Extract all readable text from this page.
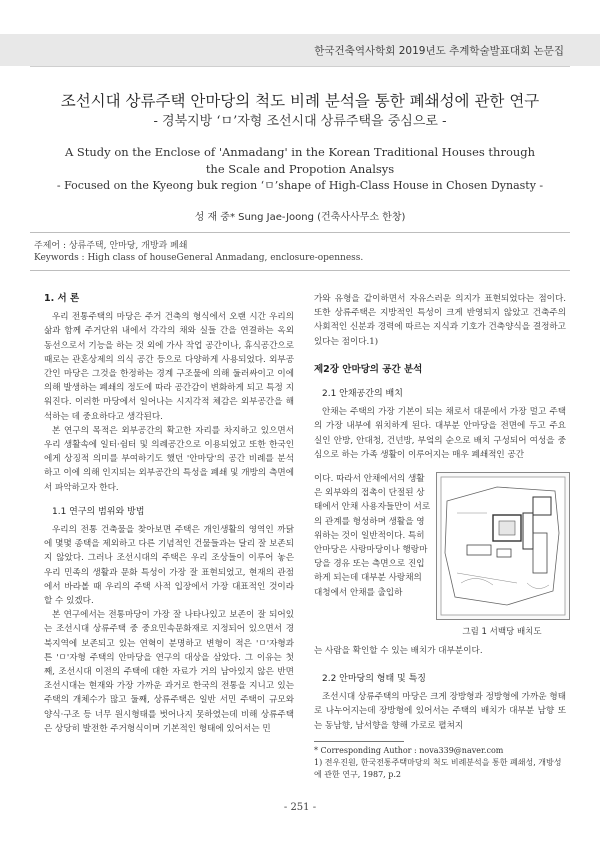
한국건축역사학회 2019년도 추계학술발표대회 논문집
조선시대 상류주택 안마당의 척도 비례 분석을 통한 폐쇄성에 관한 연구
- 경북지방 ‘ㅁ’자형 조선시대 상류주택을 중심으로 -
A Study on the Enclose of 'Anmadang' in the Korean Traditional Houses through the Scale and Propotion Analsys
- Focused on the Kyeong buk region ‘ㅁ’shape of High-Class House in Chosen Dynasty -
성 재 중* Sung Jae-Joong (건축사사무소 한창)
주제어 : 상류주택, 안마당, 개방과 폐쇄
Keywords : High class of houseGeneral Anmadang, enclosure-openness.
1. 서 론

우리 전통주택의 마당은 주거 건축의 형식에서 오랜 시간 우리의 삶과 함께 주거단위 내에서 각각의 채와 실들 간을 연결하는 옥외 동선으로서 기능을 하는 것 외에 가사 작업 공간이나, 휴식공간으로 때로는 관혼상제의 의식 공간 등으로 다양하게 사용되었다. 외부공간인 마당은 그것을 한정하는 경계 구조물에 의해 둘러싸이고 이에 의해 발생하는 폐쇄의 정도에 따라 공간감이 변화하게 되고 특정 지워진다. 이러한 마당에서 일어나는 시지각적 체감은 외부공간을 해석하는 데 중요하다고 생각된다.

본 연구의 목적은 외부공간의 확고한 자리를 차지하고 있으면서 우리 생활속에 일터·쉼터 및 의례공간으로 이용되었고 또한 한국인에게 상징적 의미를 부여하기도 했던 '안마당'의 공간 비례를 분석하고 이에 의해 인지되는 외부공간의 특성을 폐쇄 및 개방의 측면에서 파악하고자 한다.

1.1 연구의 범위와 방법

우리의 전통 건축물을 찾아보면 주택은 개인생활의 영역인 까닭에 몇몇 종택을 제외하고 다른 기념적인 건물들과는 달리 잘 보존되지 않았다. 그러나 조선시대의 주택은 우리 조상들이 이루어 놓은 우리 민족의 생활과 문화 특성이 가장 잘 표현되었고, 현재의 관점에서 바라볼 때 우리의 주택 사적 입장에서 가장 대표적인 것이라 할 수 있겠다.

본 연구에서는 전통마당이 가장 잘 나타나있고 보존이 잘 되어있는 조선시대 상류주택 중 중요민속문화재로 지정되어 있으면서 경북지역에 보존되고 있는 연혁이 분명하고 변형이 적은 'ㅁ'자형과 튼 'ㅁ'자형 주택의 안마당을 연구의 대상을 삼았다. 그 이유는 첫째, 조선시대 이전의 주택에 대한 자료가 거의 남아있지 않은 반면 조선시대는 현재와 가장 가까운 과거로 한국의 전통을 지니고 있는 주택의 개체수가 많고 둘째, 상류주택은 일반 서민 주택이 규모와 양식·구조 등 너무 원시형태를 벗어나지 못하였는데 비해 상류주택은 상당히 발전한 주거형식이며 기본적인 형태에 있어서는 민

가와 유형을 같이하면서 자유스러운 의지가 표현되었다는 점이다. 또한 상류주택은 지방적인 특성이 크게 반영되지 않았고 건축주의 사회적인 신분과 경력에 따르는 지식과 기호가 건축양식을 결정하고 있다는 점이다.1)

제2장 안마당의 공간 분석
2.1 안채공간의 배치

안채는 주택의 가장 기본이 되는 채로서 대문에서 가장 멀고 주택의 가장 내부에 위치하게 된다. 대부분 안마당을 전면에 두고 주요 실인 안방, 안대청, 건넌방, 부엌의 순으로 배치 구성되어 여성을 중심으로 하는 가족 생활이 이루어지는 매우 폐쇄적인 공간

이다. 따라서 안채에서의 생활은 외부와의 접촉이 단절된 상태에서 안채 사용자들만이 서로의 관계를 형성하며 생활을 영위하는 것이 일반적이다. 특히 안마당은 사랑마당이나 행랑마당을 경유 또는 측면으로 진입하게 되는데 대부분 사랑채의 대청에서 안채를 출입하
는 사람을 확인할 수 있는 배치가 대부분이다.
그림 1 서백당 배치도
2.2 안마당의 형태 및 특징

조선시대 상류주택의 마당은 크게 장방형과 정방형에 가까운 형태로 나누어지는데 장방형에 있어서는 주택의 배치가 대부분 남향 또는 동남향, 남서향을 향해 가로로 펼쳐지

* Corresponding Author : nova339@naver.com
1) 전우진원, 한국전통주택마당의 척도 비례분석을 통한 폐쇄성, 개방성에 관한 연구, 1987, p.2
- 251 -
